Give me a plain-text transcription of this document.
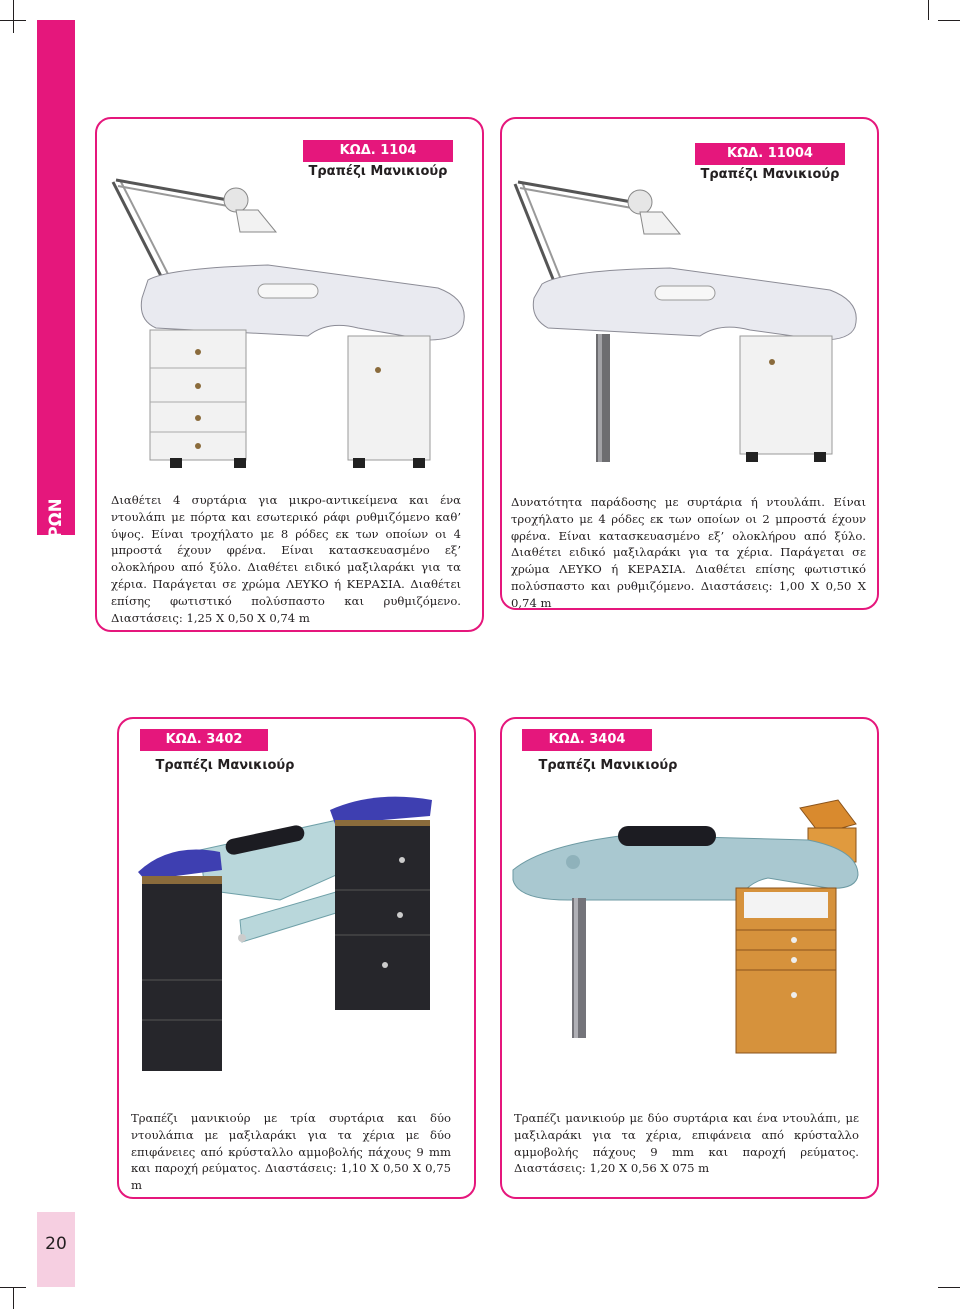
ΜΑΝΙΚΙΟΥΡ - ΠΕΝΤΙΚΙΟΥΡ & ΕΙΔΗ ΠΕΡΙΠΟΙΗΣΗΣ ΑΚΡΩΝ
20
ΚΩΔ. 1104
Τραπέζι Μανικιούρ

Διαθέτει 4 συρτάρια για μικρο-αντικείμενα και ένα ντουλάπι με πόρτα και εσωτερικό ράφι ρυθμιζόμενο καθ’ ύψος. Είναι τροχήλατο με 8 ρόδες εκ των οποίων οι 4 μπροστά έχουν φρένα. Είναι κατασκευασμένο εξ’ ολοκλήρου από ξύλο. Διαθέτει ειδικό μαξιλαράκι για τα χέρια. Παράγεται σε χρώμα ΛΕΥΚΟ ή ΚΕΡΑΣΙΑ. Διαθέτει επίσης φωτιστικό πολύσπαστο και ρυθμιζόμενο. Διαστάσεις: 1,25 Χ 0,50 Χ 0,74 m

ΚΩΔ. 11004
Τραπέζι Μανικιούρ

Δυνατότητα παράδοσης με συρτάρια ή ντουλάπι. Είναι τροχήλατο με 4 ρόδες εκ των οποίων οι 2 μπροστά έχουν φρένα. Είναι κατασκευασμένο εξ’ ολοκλήρου από ξύλο. Διαθέτει ειδικό μαξιλαράκι για τα χέρια. Παράγεται σε χρώμα ΛΕΥΚΟ ή ΚΕΡΑΣΙΑ. Διαθέτει επίσης φωτιστικό πολύσπαστο και ρυθμιζόμενο. Διαστάσεις: 1,00 Χ 0,50 Χ 0,74 m

ΚΩΔ. 3402
Τραπέζι Μανικιούρ

Τραπέζι μανικιούρ με τρία συρτάρια και δύο ντουλάπια με μαξιλαράκι για τα χέρια με δύο επιφάνειες από κρύσταλλο αμμοβολής πάχους 9 mm και παροχή ρεύματος. Διαστάσεις: 1,10 Χ 0,50 Χ 0,75 m

ΚΩΔ. 3404
Τραπέζι Μανικιούρ

Τραπέζι μανικιούρ με δύο συρτάρια και ένα ντουλάπι, με μαξιλαράκι για τα χέρια, επιφάνεια από κρύσταλλο αμμοβολής πάχους 9 mm και παροχή ρεύματος. Διαστάσεις: 1,20 Χ 0,56 Χ 075 m
